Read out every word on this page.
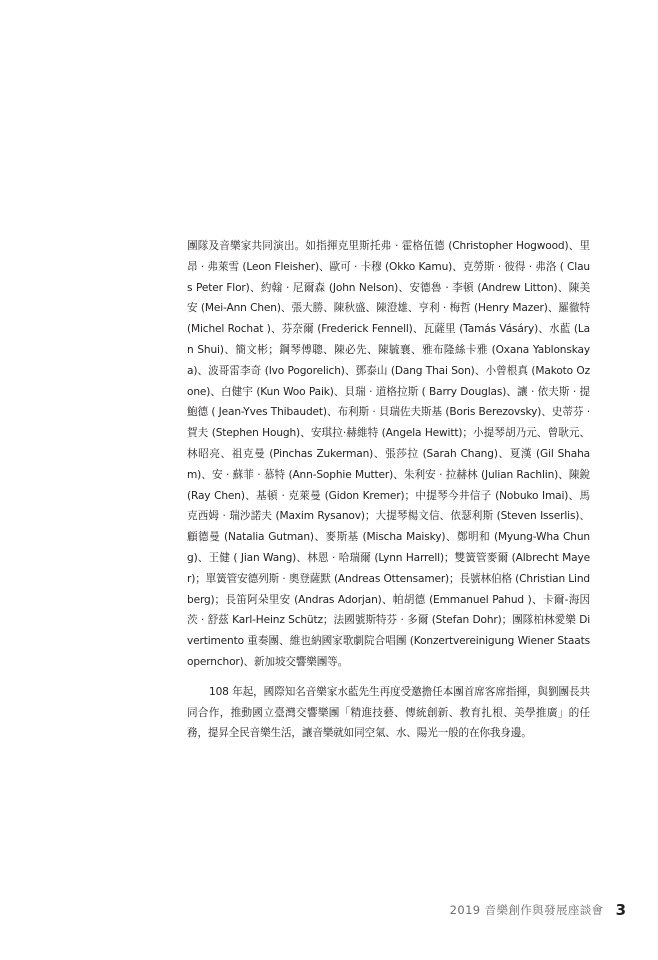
團隊及音樂家共同演出。如指揮克里斯托弗 ‧ 霍格伍德 (Christopher Hogwood)、里昂 ‧ 弗萊雪 (Leon Fleisher)、歐可 ‧ 卡穆 (Okko Kamu)、克勞斯 ‧ 彼得 ‧ 弗洛 ( Claus Peter Flor)、約翰 ‧ 尼爾森 (John Nelson)、安德魯 ‧ 李頓 (Andrew Litton)、陳美安 (Mei-Ann Chen)、張大勝、陳秋盛、陳澄雄、亨利 ‧ 梅哲 (Henry Mazer)、羅徹特 (Michel Rochat )、芬奈爾 (Frederick Fennell)、瓦薩里 (Tamás Vásáry)、水藍 (Lan Shui)、簡文彬；鋼琴傅聰、陳必先、陳毓襄、雅布隆絲卡雅 (Oxana Yablonskaya)、波哥雷李奇 (Ivo Pogorelich)、鄧泰山 (Dang Thai Son)、小曾根真 (Makoto Ozone)、白健宇 (Kun Woo Paik)、貝瑞 ‧ 道格拉斯 ( Barry Douglas)、讓 ‧ 依夫斯 ‧ 提鮑德 ( Jean-Yves Thibaudet)、布利斯 ‧ 貝瑞佐夫斯基 (Boris Berezovsky)、史蒂芬 ‧ 賀夫 (Stephen Hough)、安琪拉‧赫維特 (Angela Hewitt)；小提琴胡乃元、曾耿元、林昭亮、祖克曼 (Pinchas Zukerman)、張莎拉 (Sarah Chang)、夏漢 (Gil Shaham)、安 ‧ 蘇菲 ‧ 慕特 (Ann-Sophie Mutter)、朱利安 ‧ 拉赫林 (Julian Rachlin)、陳銳 (Ray Chen)、基頓 ‧ 克萊曼 (Gidon Kremer)；中提琴今井信子 (Nobuko Imai)、馬克西姆 ‧ 瑞沙諾夫 (Maxim Rysanov)；大提琴楊文信、依瑟利斯 (Steven Isserlis)、顧德曼 (Natalia Gutman)、麥斯基 (Mischa Maisky)、鄭明和 (Myung-Wha Chung)、王健 ( Jian Wang)、林恩 ‧ 哈瑞爾 (Lynn Harrell)；雙簧管麥爾 (Albrecht Mayer)；單簧管安德列斯 ‧ 奧登薩默 (Andreas Ottensamer)；長號林伯格 (Christian Lindberg)；長笛阿朵里安 (Andras Adorjan)、帕胡德 (Emmanuel Pahud )、卡爾-海因茨 ‧ 舒茲 Karl-Heinz Schütz；法國號斯特芬 ‧ 多爾 (Stefan Dohr)；團隊柏林愛樂 Divertimento 重奏團、維也納國家歌劇院合唱團 (Konzertvereinigung Wiener Staatsopernchor)、新加坡交響樂團等。

108 年起，國際知名音樂家水藍先生再度受邀擔任本團首席客席指揮，與劉團長共同合作，推動國立臺灣交響樂團「精進技藝、傳統創新、教育扎根、美學推廣」的任務，提昇全民音樂生活，讓音樂就如同空氣、水、陽光一般的在你我身邊。

2019 音樂創作與發展座談會 3
